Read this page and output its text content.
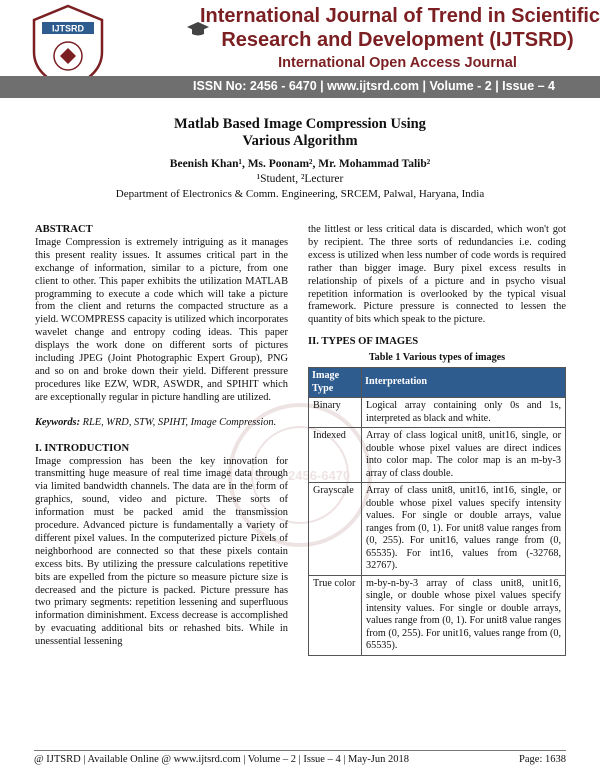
IJTSRD
International Journal of Trend in Scientific
Research and Development (IJTSRD)
International Open Access Journal
ISSN No: 2456 - 6470 | www.ijtsrd.com | Volume - 2 | Issue – 4
Matlab Based Image Compression Using
Various Algorithm
Beenish Khan¹, Ms. Poonam², Mr. Mohammad Talib²
¹Student, ²Lecturer
Department of Electronics & Comm. Engineering, SRCEM, Palwal, Haryana, India
ISSN: 2456-6470
ABSTRACT

Image Compression is extremely intriguing as it manages this present reality issues. It assumes critical part in the exchange of information, similar to a picture, from one client to other. This paper exhibits the utilization MATLAB programming to execute a code which will take a picture from the client and returns the compacted structure as a yield. WCOMPRESS capacity is utilized which incorporates wavelet change and entropy coding ideas. This paper displays the work done on different sorts of pictures including JPEG (Joint Photographic Expert Group), PNG and so on and broke down their yield. Different pressure procedures like EZW, WDR, ASWDR, and SPIHIT which are exceptionally regular in picture handling are utilized.

Keywords: RLE, WRD, STW, SPIHT, Image Compression.

I. INTRODUCTION

Image compression has been the key innovation for transmitting huge measure of real time image data through via limited bandwidth channels. The data are in the form of graphics, sound, video and picture. These sorts of information must be packed amid the transmission procedure. Advanced picture is fundamentally a variety of different pixel values. In the computerized picture Pixels of neighborhood are connected so that these pixels contain excess bits. By utilizing the pressure calculations repetitive bits are expelled from the picture so measure picture size is decreased and the picture is packed. Picture pressure has two primary segments: repetition lessening and superfluous information diminishment. Excess decrease is accomplished by evacuating additional bits or rehashed bits. While in unessential lessening

the littlest or less critical data is discarded, which won't got by recipient. The three sorts of redundancies i.e. coding excess is utilized when less number of code words is required rather than bigger image. Bury pixel excess results in relationship of pixels of a picture and in psycho visual repetition information is overlooked by the typical visual framework. Picture pressure is connected to lessen the quantity of bits which speak to the picture.

II. TYPES OF IMAGES
Table 1 Various types of images
Image Type	Interpretation
Binary	Logical array containing only 0s and 1s, interpreted as black and white.
Indexed	Array of class logical unit8, unit16, single, or double whose pixel values are direct indices into color map. The color map is an m-by-3 array of class double.
Grayscale	Array of class unit8, unit16, int16, single, or double whose pixel values specify intensity values. For single or double arrays, value ranges from (0, 1). For unit8 value ranges from (0, 255). For unit16, values range from (0, 65535). For int16, values from (-32768, 32767).
True color	m-by-n-by-3 array of class unit8, unit16, single, or double whose pixel values specify intensity values. For single or double arrays, values range from (0, 1). For unit8 value ranges from (0, 255). For unit16, values range from (0, 65535).
@ IJTSRD | Available Online @ www.ijtsrd.com | Volume – 2 | Issue – 4 | May-Jun 2018	Page: 1638
